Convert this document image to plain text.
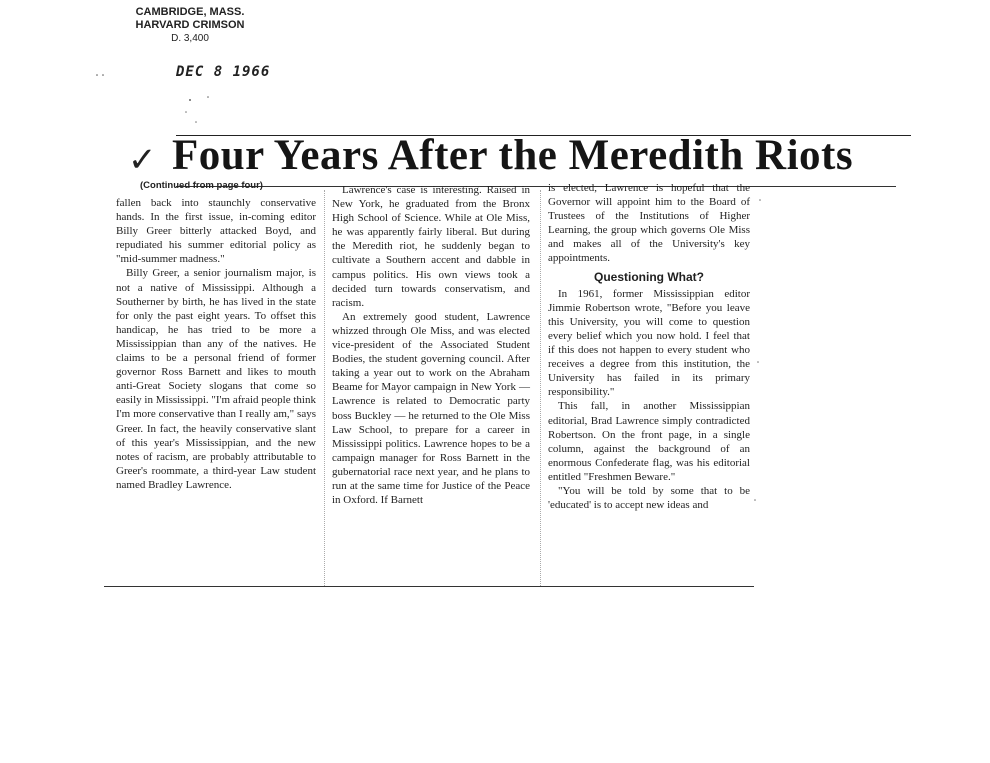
CAMBRIDGE, MASS.
HARVARD CRIMSON
D. 3,400
DEC 8 1966
✓ Four Years After the Meredith Riots
(Continued from page four)

fallen back into staunchly conservative hands. In the first issue, in-coming editor Billy Greer bitterly attacked Boyd, and repudiated his summer editorial policy as "mid-summer madness."

Billy Greer, a senior journalism major, is not a native of Mississippi. Although a Southerner by birth, he has lived in the state for only the past eight years. To offset this handicap, he has tried to be more a Mississippian than any of the natives. He claims to be a personal friend of former governor Ross Barnett and likes to mouth anti-Great Society slogans that come so easily in Mississippi. "I'm afraid people think I'm more conservative than I really am," says Greer. In fact, the heavily conservative slant of this year's Mississippian, and the new notes of racism, are probably attributable to Greer's roommate, a third-year Law student named Bradley Lawrence.

Lawrence's case is interesting. Raised in New York, he graduated from the Bronx High School of Science. While at Ole Miss, he was apparently fairly liberal. But during the Meredith riot, he suddenly began to cultivate a Southern accent and dabble in campus politics. His own views took a decided turn towards conservatism, and racism.

An extremely good student, Lawrence whizzed through Ole Miss, and was elected vice-president of the Associated Student Bodies, the student governing council. After taking a year out to work on the Abraham Beame for Mayor campaign in New York — Lawrence is related to Democratic party boss Buckley — he returned to the Ole Miss Law School, to prepare for a career in Mississippi politics. Lawrence hopes to be a campaign manager for Ross Barnett in the gubernatorial race next year, and he plans to run at the same time for Justice of the Peace in Oxford. If Barnett

is elected, Lawrence is hopeful that the Governor will appoint him to the Board of Trustees of the Institutions of Higher Learning, the group which governs Ole Miss and makes all of the University's key appointments.

Questioning What?

In 1961, former Mississippian editor Jimmie Robertson wrote, "Before you leave this University, you will come to question every belief which you now hold. I feel that if this does not happen to every student who receives a degree from this institution, the University has failed in its primary responsibility."

This fall, in another Mississippian editorial, Brad Lawrence simply contradicted Robertson. On the front page, in a single column, against the background of an enormous Confederate flag, was his editorial entitled "Freshmen Beware."

"You will be told by some that to be 'educated' is to accept new ideas and
